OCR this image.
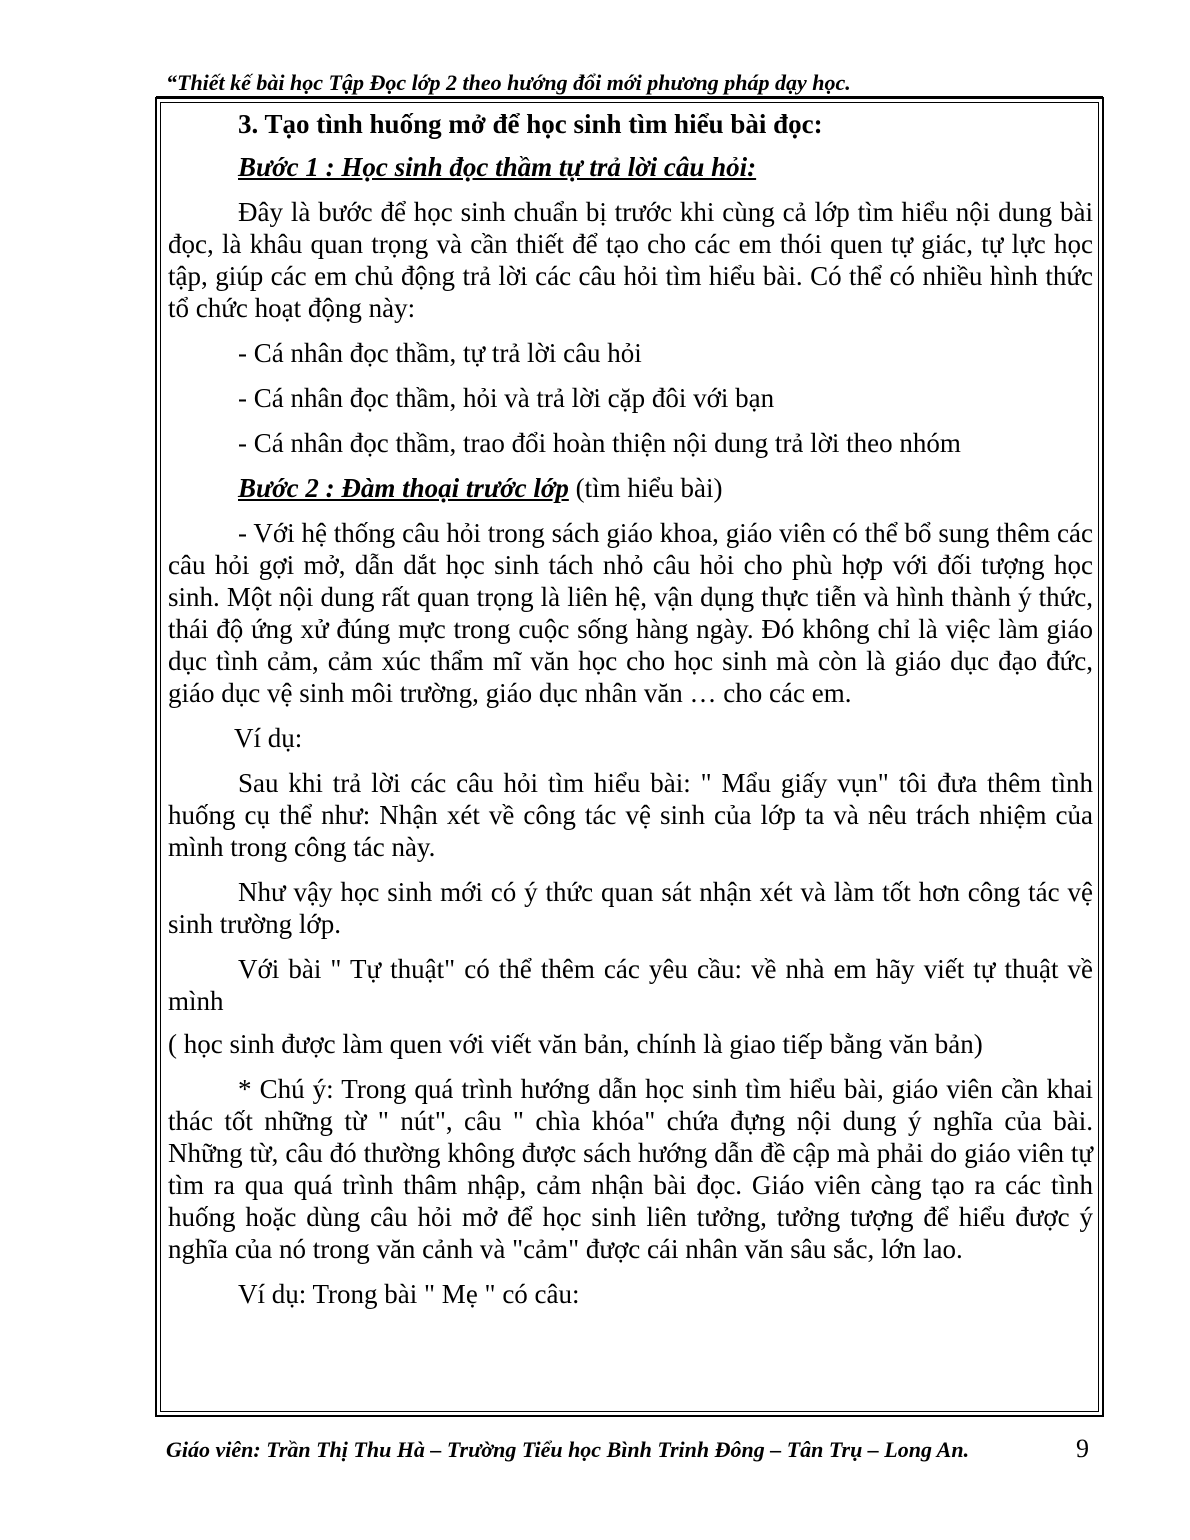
“Thiết kế bài học Tập Đọc lớp 2 theo hướng đổi mới phương pháp dạy học.

3. Tạo tình huống mở để học sinh tìm hiểu bài đọc:

Bước 1 : Học sinh đọc thầm tự trả lời câu hỏi:

Đây là bước để học sinh chuẩn bị trước khi cùng cả lớp tìm hiểu nội dung bài đọc, là khâu quan trọng và cần thiết để tạo cho các em thói quen tự giác, tự lực học tập, giúp các em chủ động trả lời các câu hỏi tìm hiểu bài. Có thể có nhiều hình thức tổ chức hoạt động này:

- Cá nhân đọc thầm, tự trả lời câu hỏi

- Cá nhân đọc thầm, hỏi và trả lời cặp đôi với bạn

- Cá nhân đọc thầm, trao đổi hoàn thiện nội dung trả lời theo nhóm

Bước 2 : Đàm thoại trước lớp (tìm hiểu bài)

- Với hệ thống câu hỏi trong sách giáo khoa, giáo viên có thể bổ sung thêm các câu hỏi gợi mở, dẫn dắt học sinh tách nhỏ câu hỏi cho phù hợp với đối tượng học sinh. Một nội dung rất quan trọng là liên hệ, vận dụng thực tiễn và hình thành ý thức, thái độ ứng xử đúng mực trong cuộc sống hàng ngày. Đó không chỉ là việc làm giáo dục tình cảm, cảm xúc thẩm mĩ văn học cho học sinh mà còn là giáo dục đạo đức, giáo dục vệ sinh môi trường, giáo dục nhân văn … cho các em.

Ví dụ:

Sau khi trả lời các câu hỏi tìm hiểu bài: " Mẩu giấy vụn" tôi đưa thêm tình huống cụ thể như: Nhận xét về công tác vệ sinh của lớp ta và nêu trách nhiệm của mình trong công tác này.

Như vậy học sinh mới có ý thức quan sát nhận xét và làm tốt hơn công tác vệ sinh trường lớp.

Với bài " Tự thuật" có thể thêm các yêu cầu: về nhà em hãy viết tự thuật về mình

( học sinh được làm quen với viết văn bản, chính là giao tiếp bằng văn bản)

* Chú ý: Trong quá trình hướng dẫn học sinh tìm hiểu bài, giáo viên cần khai thác tốt những từ " nút", câu " chìa khóa" chứa đựng nội dung ý nghĩa của bài. Những từ, câu đó thường không được sách hướng dẫn đề cập mà phải do giáo viên tự tìm ra qua quá trình thâm nhập, cảm nhận bài đọc. Giáo viên càng tạo ra các tình huống hoặc dùng câu hỏi mở để học sinh liên tưởng, tưởng tượng để hiểu được ý nghĩa của nó trong văn cảnh và "cảm" được cái nhân văn sâu sắc, lớn lao.

Ví dụ: Trong bài " Mẹ " có câu:

Giáo viên: Trần Thị Thu Hà – Trường Tiểu học Bình Trinh Đông – Tân Trụ – Long An.	9
